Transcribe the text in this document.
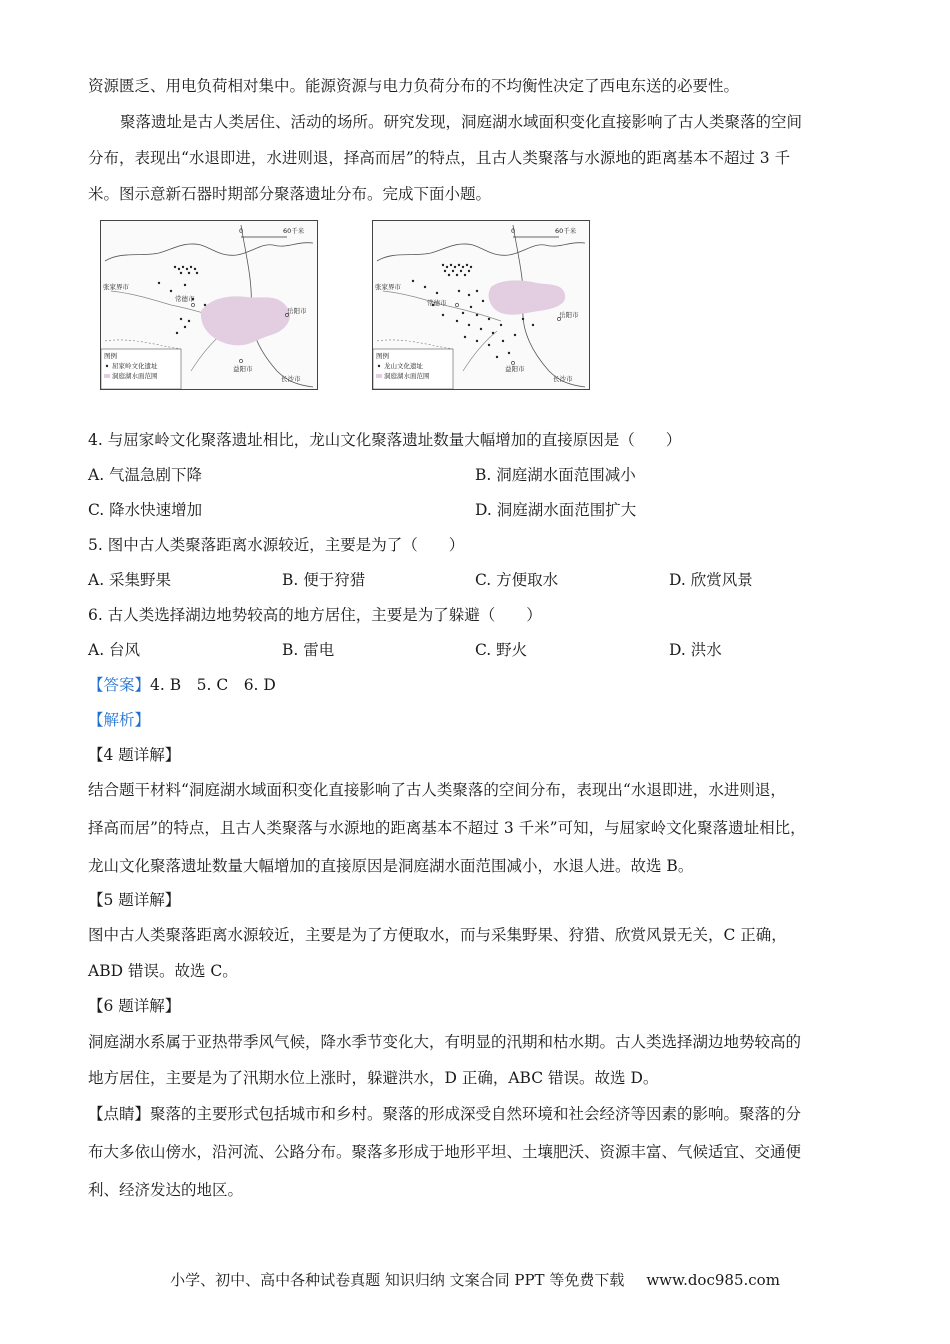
资源匮乏、用电负荷相对集中。能源资源与电力负荷分布的不均衡性决定了西电东送的必要性。
聚落遗址是古人类居住、活动的场所。研究发现，洞庭湖水域面积变化直接影响了古人类聚落的空间
分布，表现出“水退即进，水进则退，择高而居”的特点，且古人类聚落与水源地的距离基本不超过 3 千
米。图示意新石器时期部分聚落遗址分布。完成下面小题。
0	60千米
张家界市
常德市
岳阳市
益阳市
长沙市
图例
屈家岭文化遗址
洞庭湖水面范围
0	60千米
张家界市
常德市
岳阳市
益阳市
长沙市
图例
龙山文化遗址
洞庭湖水面范围
4. 与屈家岭文化聚落遗址相比，龙山文化聚落遗址数量大幅增加的直接原因是（　　）
A. 气温急剧下降	B. 洞庭湖水面范围减小
C. 降水快速增加	D. 洞庭湖水面范围扩大
5. 图中古人类聚落距离水源较近，主要是为了（　　）
A. 采集野果	B. 便于狩猎	C. 方便取水	D. 欣赏风景
6. 古人类选择湖边地势较高的地方居住，主要是为了躲避（　　）
A. 台风	B. 雷电	C. 野火	D. 洪水
【答案】4. B　5. C　6. D
【解析】
【4 题详解】
结合题干材料“洞庭湖水域面积变化直接影响了古人类聚落的空间分布，表现出“水退即进，水进则退，
择高而居”的特点，且古人类聚落与水源地的距离基本不超过 3 千米”可知，与屈家岭文化聚落遗址相比，
龙山文化聚落遗址数量大幅增加的直接原因是洞庭湖水面范围减小，水退人进。故选 B。
【5 题详解】
图中古人类聚落距离水源较近，主要是为了方便取水，而与采集野果、狩猎、欣赏风景无关，C 正确，
ABD 错误。故选 C。
【6 题详解】
洞庭湖水系属于亚热带季风气候，降水季节变化大，有明显的汛期和枯水期。古人类选择湖边地势较高的
地方居住，主要是为了汛期水位上涨时，躲避洪水，D 正确，ABC 错误。故选 D。
【点睛】聚落的主要形式包括城市和乡村。聚落的形成深受自然环境和社会经济等因素的影响。聚落的分
布大多依山傍水，沿河流、公路分布。聚落多形成于地形平坦、土壤肥沃、资源丰富、气候适宜、交通便
利、经济发达的地区。
小学、初中、高中各种试卷真题 知识归纳 文案合同 PPT 等免费下载 www.doc985.com
